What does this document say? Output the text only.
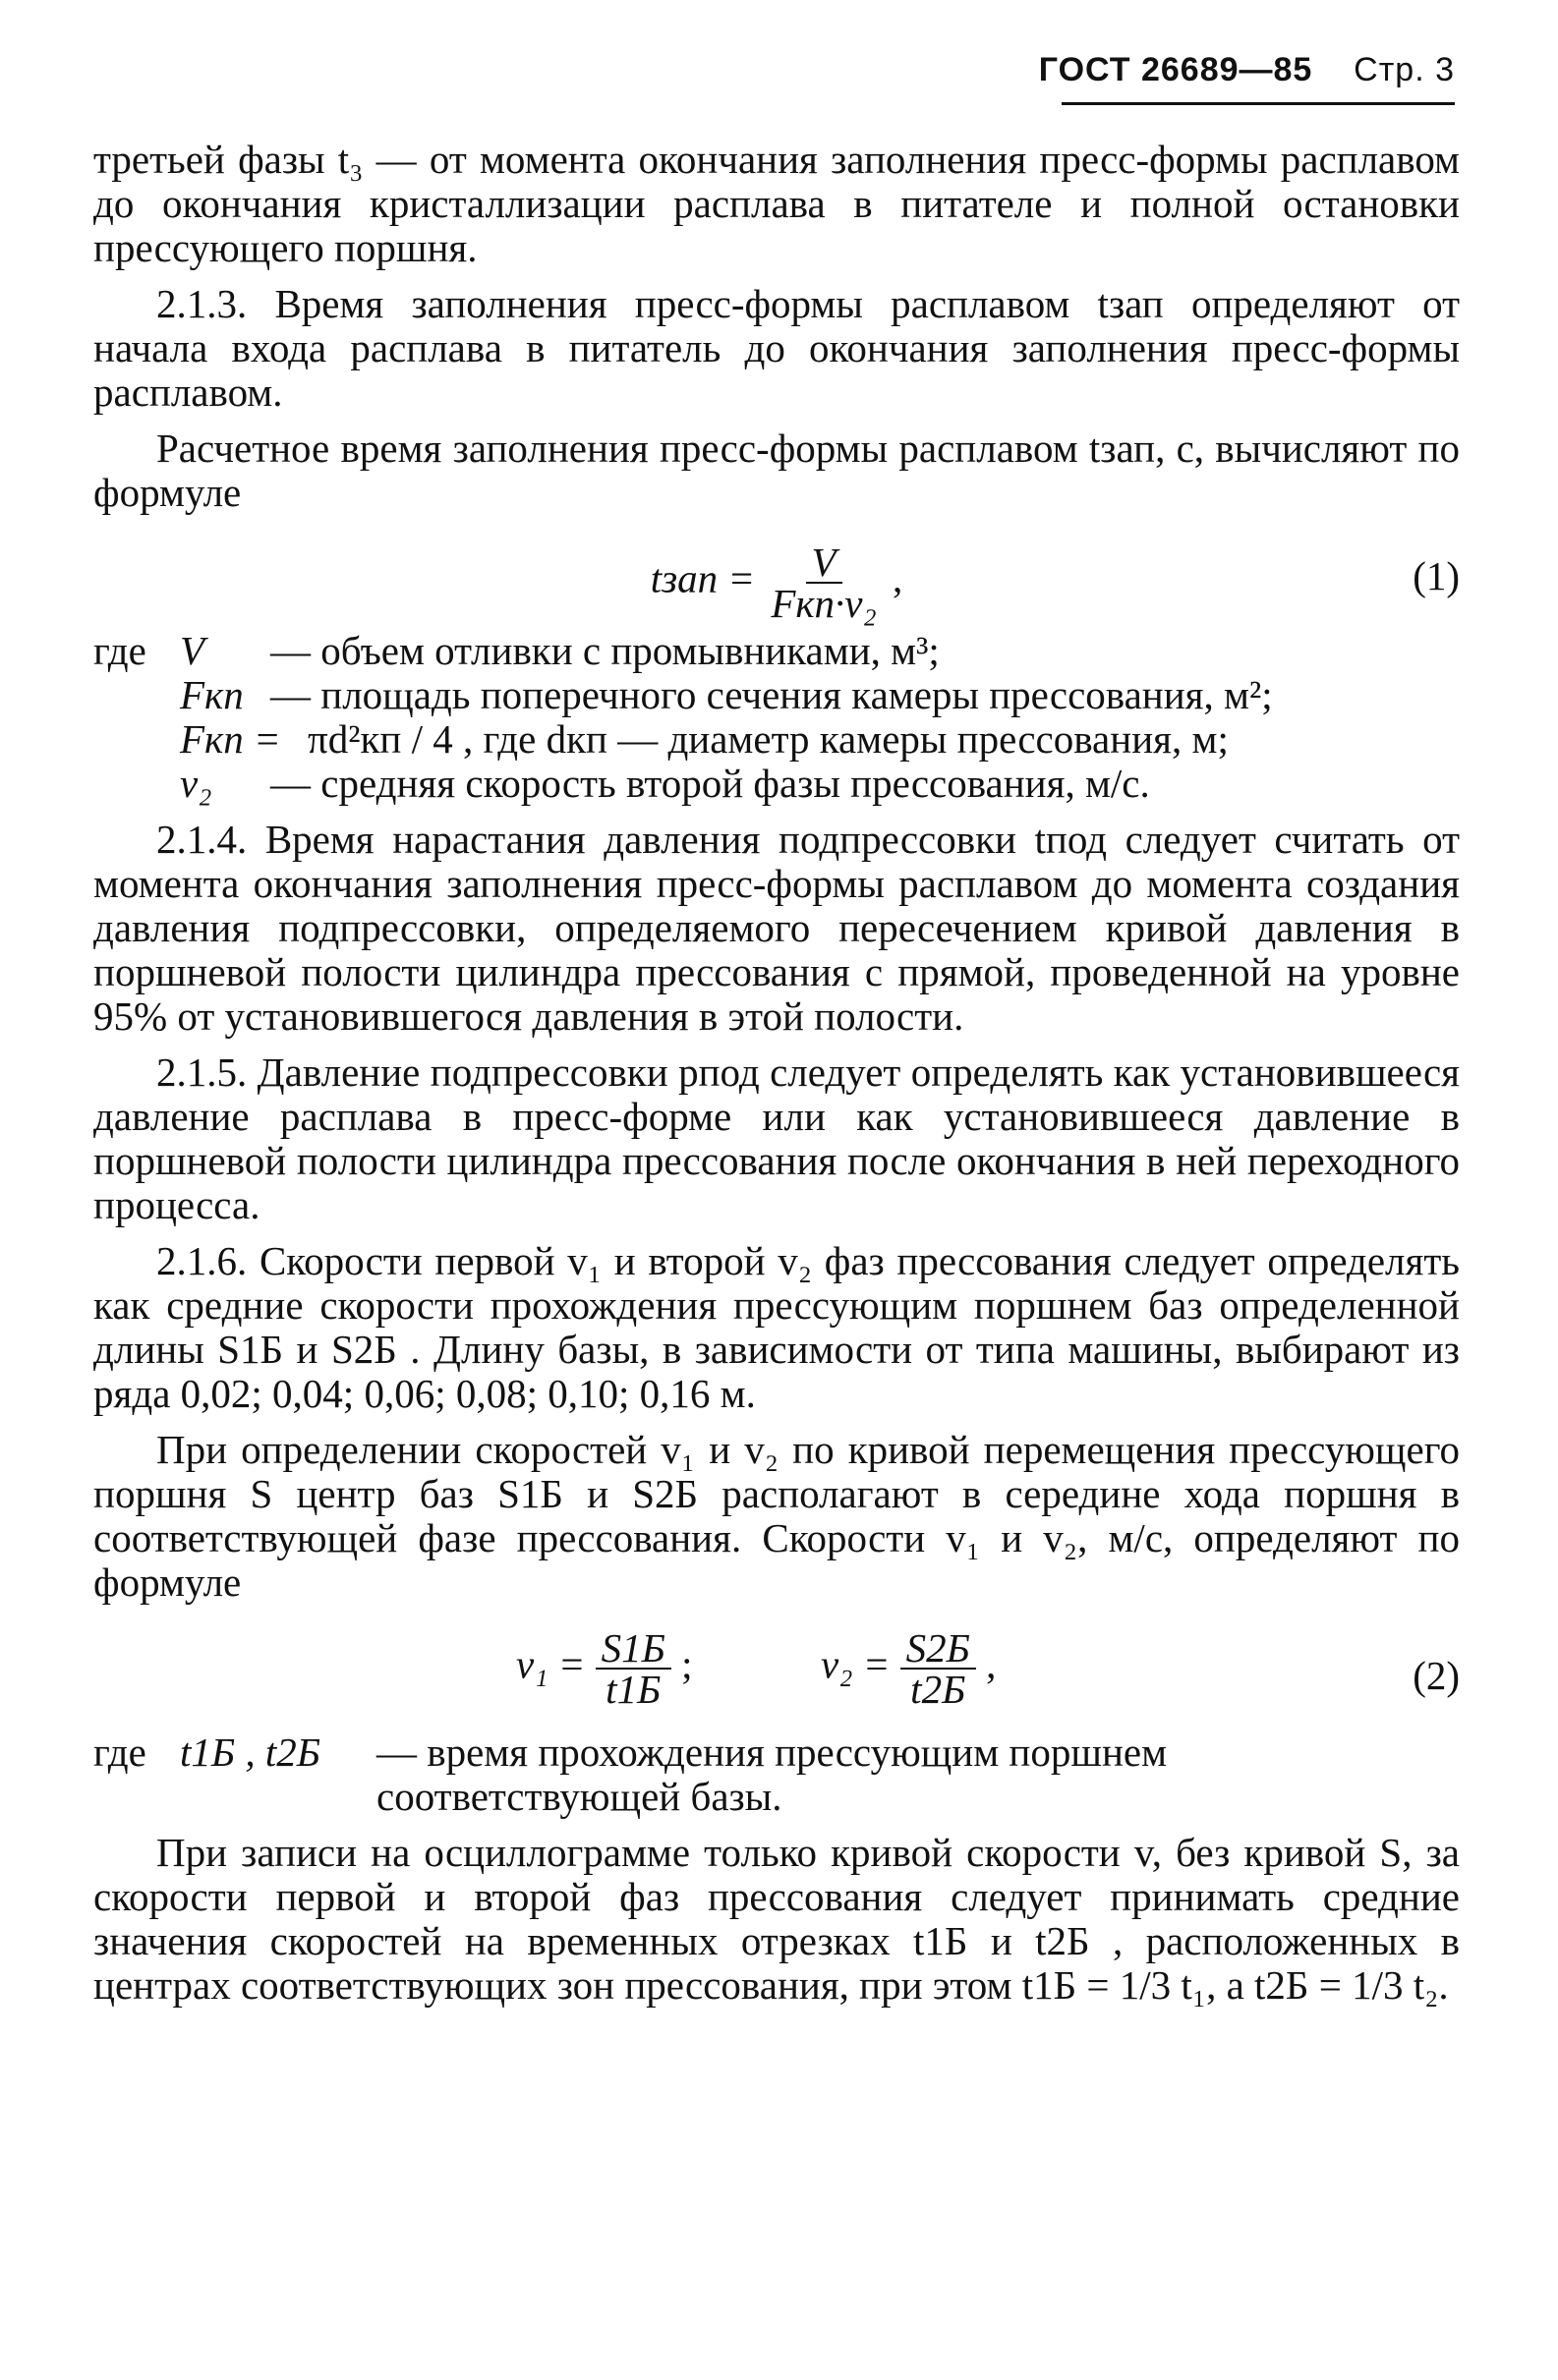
ГОСТ 26689—85 Стр. 3

третьей фазы t₃ — от момента окончания заполнения пресс-формы расплавом до окончания кристаллизации расплава в питателе и полной остановки прессующего поршня.

2.1.3. Время заполнения пресс-формы расплавом tзап определяют от начала входа расплава в питатель до окончания заполнения пресс-формы расплавом.

Расчетное время заполнения пресс-формы расплавом tзап, с, вычисляют по формуле

tзап = $\frac{V}{\text{Fкп·v₂}}$ ,	(1)
где V	— объем отливки с промывниками, м³;
Fкп — площадь поперечного сечения камеры прессования, м²;
Fкп = πd²кп / 4 , где dкп — диаметр камеры прессования, м;
v₂	— средняя скорость второй фазы прессования, м/с.

2.1.4. Время нарастания давления подпрессовки tпод следует считать от момента окончания заполнения пресс-формы расплавом до момента создания давления подпрессовки, определяемого пересечением кривой давления в поршневой полости цилиндра прессования с прямой, проведенной на уровне 95% от установившегося давления в этой полости.

2.1.5. Давление подпрессовки pпод следует определять как установившееся давление расплава в пресс-форме или как установившееся давление в поршневой полости цилиндра прессования после окончания в ней переходного процесса.

2.1.6. Скорости первой v₁ и второй v₂ фаз прессования следует определять как средние скорости прохождения прессующим поршнем баз определенной длины S1Б и S2Б . Длину базы, в зависимости от типа машины, выбирают из ряда 0,02; 0,04; 0,06; 0,08; 0,10; 0,16 м.

При определении скоростей v₁ и v₂ по кривой перемещения прессующего поршня S центр баз S1Б и S2Б располагают в середине хода поршня в соответствующей фазе прессования. Скорости v₁ и v₂, м/с, определяют по формуле

$v_1 = \frac{S1Б}{t1Б}$ ;	$v_2 = \frac{S2Б}{t2Б}$ ,	(2)
где t1Б , t2Б	— время прохождения прессующим поршнем соответствующей базы.

При записи на осциллограмме только кривой скорости v, без кривой S, за скорости первой и второй фаз прессования следует принимать средние значения скоростей на временных отрезках t1Б и t2Б , расположенных в центрах соответствующих зон прессования, при этом t1Б = 1/3 t₁, а t2Б = 1/3 t₂.
